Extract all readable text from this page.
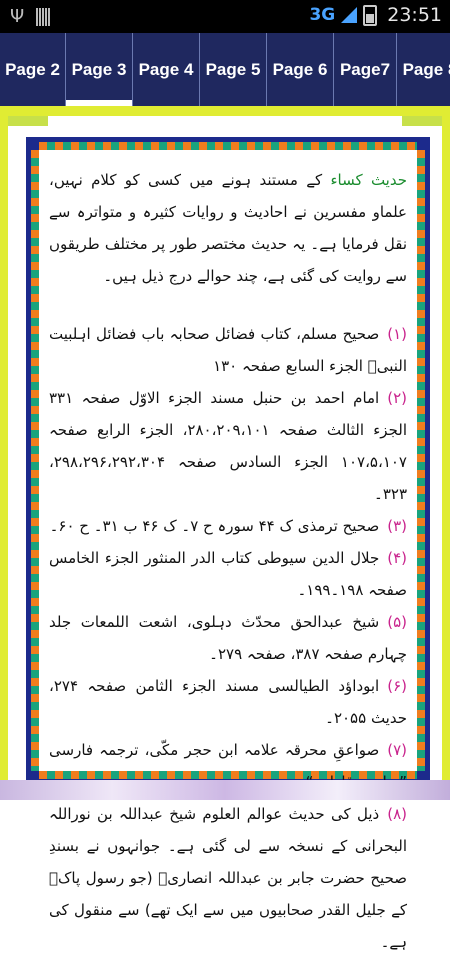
Ψ	3G	23:51
Page 2 Page 3 Page 4 Page 5 Page 6 Page7 Page 8

حدیث کساء کے مستند ہونے میں کسی کو کلام نہیں، علماو مفسرین نے احادیث و روایات کثیرہ و متواترہ سے نقل فرمایا ہے۔ یہ حدیث مختصر طور پر مختلف طریقوں سے روایت کی گئی ہے، چند حوالے درج ذیل ہیں۔

(۱)صحیح مسلم، کتاب فضائل صحابہ باب فضائل اہلبیت النبیؐ الجزء السابع صفحہ ۱۳۰

(۲)امام احمد بن حنبل مسند الجزء الاوّل صفحہ ۳۳۱ الجزء الثالث صفحہ ۲۸۰،۲۰۹،۱۰۱، الجزء الرابع صفحہ ۱۰۷،۵،۱۰۷ الجزء السادس صفحہ ۲۹۸،۲۹۶،۲۹۲،۳۰۴، ۳۲۳۔

(۳)صحیح ترمذی ک ۴۴ سورہ ح ۷۔ ک ۴۶ ب ۳۱۔ ح ۶۰۔

(۴)جلال الدین سیوطی کتاب الدر المنثور الجزء الخامس صفحہ ۱۹۸۔۱۹۹۔

(۵)شیخ عبدالحق محدّث دہلوی، اشعت اللمعات جلد چہارم صفحہ ۳۸۷، صفحہ ۲۷۹۔

(۶)ابوداؤد الطیالسی مسند الجزء الثامن صفحہ ۲۷۴، حدیث ۲۰۵۵۔

(۷)صواعقِ محرقہ علامہ ابن حجر مکّی، ترجمہ فارسی

(۸)ذیل کی حدیث عوالم العلوم شیخ عبداللہ بن نوراللہ البحرانی کے نسخہ سے لی گئی ہے۔ جوانہوں نے بسندِ صحیح حضرت جابر بن عبداللہ انصاریؓ (جو رسول پاکؐ کے جلیل القدر صحابیوں میں سے ایک تھے) سے منقول کی ہے۔
